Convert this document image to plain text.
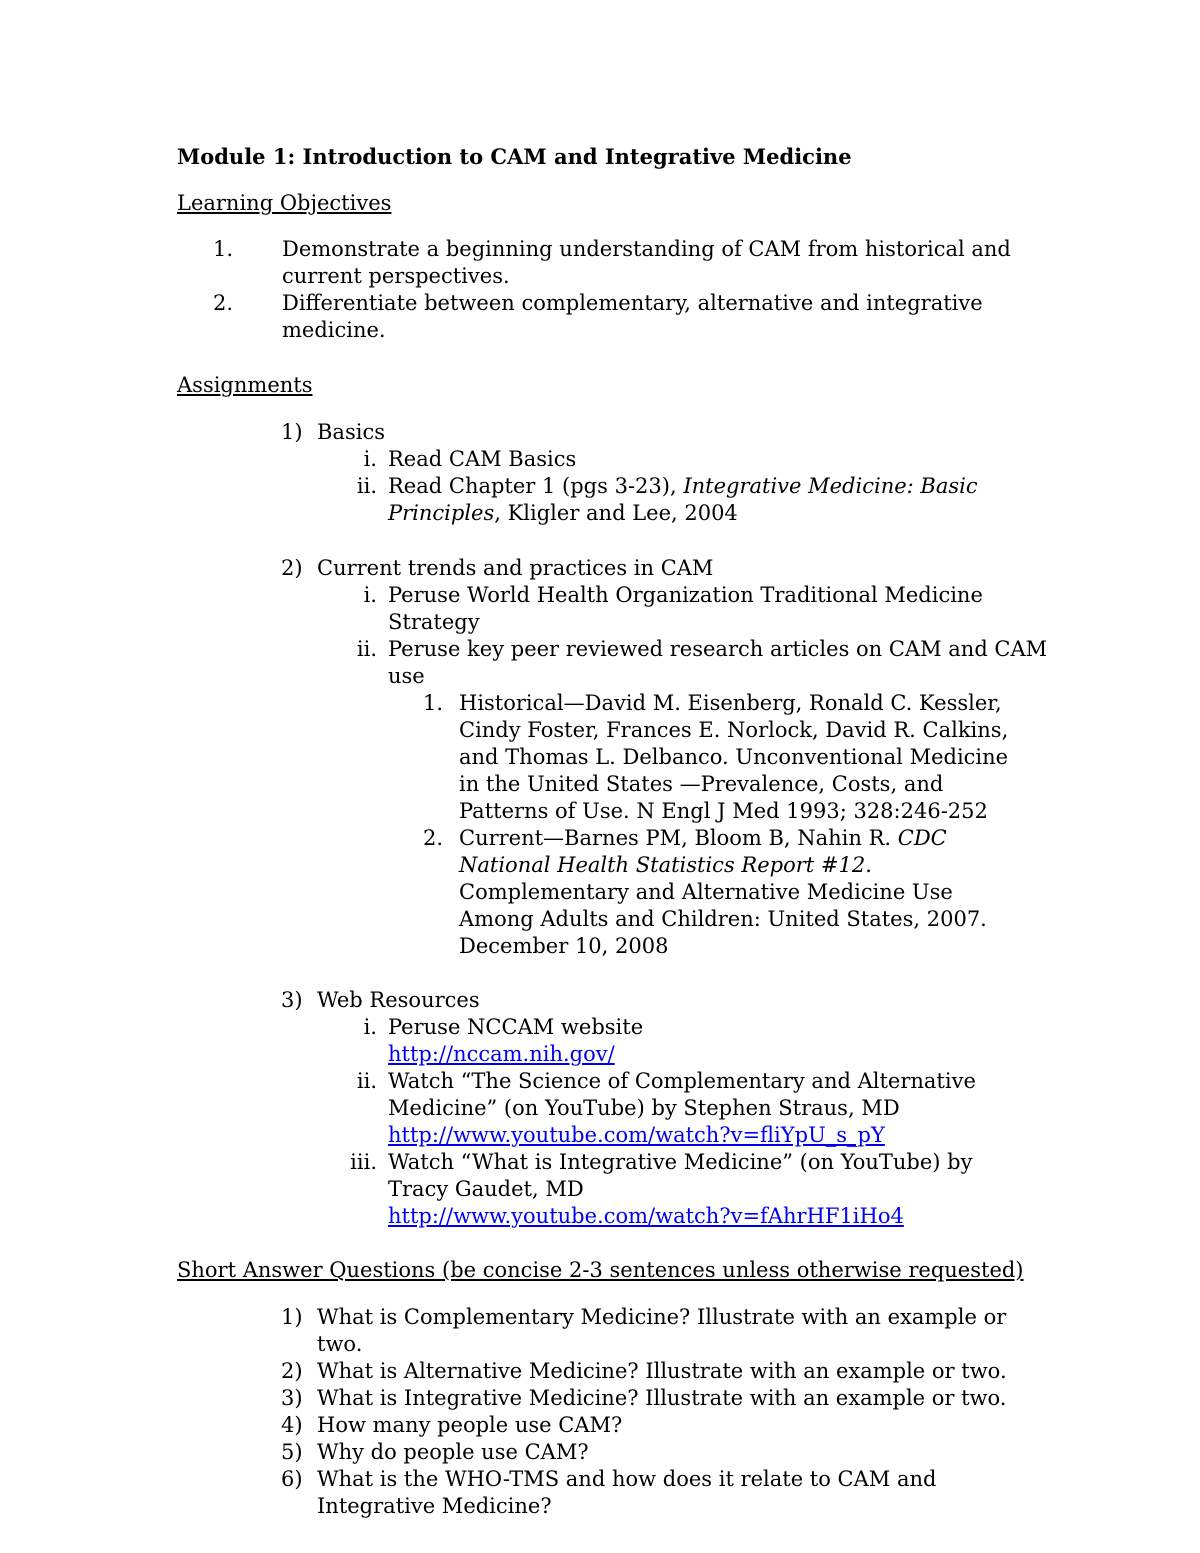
Module 1: Introduction to CAM and Integrative Medicine

Learning Objectives

1. Demonstrate a beginning understanding of CAM from historical and current perspectives.
2. Differentiate between complementary, alternative and integrative medicine.

Assignments

1) Basics
i. Read CAM Basics
ii. Read Chapter 1 (pgs 3-23), Integrative Medicine: Basic Principles, Kligler and Lee, 2004
2) Current trends and practices in CAM
i. Peruse World Health Organization Traditional Medicine Strategy
ii. Peruse key peer reviewed research articles on CAM and CAM use
1. Historical—David M. Eisenberg, Ronald C. Kessler, Cindy Foster, Frances E. Norlock, David R. Calkins, and Thomas L. Delbanco. Unconventional Medicine in the United States —Prevalence, Costs, and Patterns of Use. N Engl J Med 1993; 328:246-252
2. Current—Barnes PM, Bloom B, Nahin R. CDC National Health Statistics Report #12. Complementary and Alternative Medicine Use Among Adults and Children: United States, 2007. December 10, 2008
3) Web Resources
i. Peruse NCCAM website
http://nccam.nih.gov/
ii. Watch “The Science of Complementary and Alternative Medicine” (on YouTube) by Stephen Straus, MD
http://www.youtube.com/watch?v=fliYpU_s_pY
iii. Watch “What is Integrative Medicine” (on YouTube) by Tracy Gaudet, MD
http://www.youtube.com/watch?v=fAhrHF1iHo4

Short Answer Questions (be concise 2-3 sentences unless otherwise requested)

1) What is Complementary Medicine? Illustrate with an example or two.
2) What is Alternative Medicine? Illustrate with an example or two.
3) What is Integrative Medicine? Illustrate with an example or two.
4) How many people use CAM?
5) Why do people use CAM?
6) What is the WHO-TMS and how does it relate to CAM and Integrative Medicine?
